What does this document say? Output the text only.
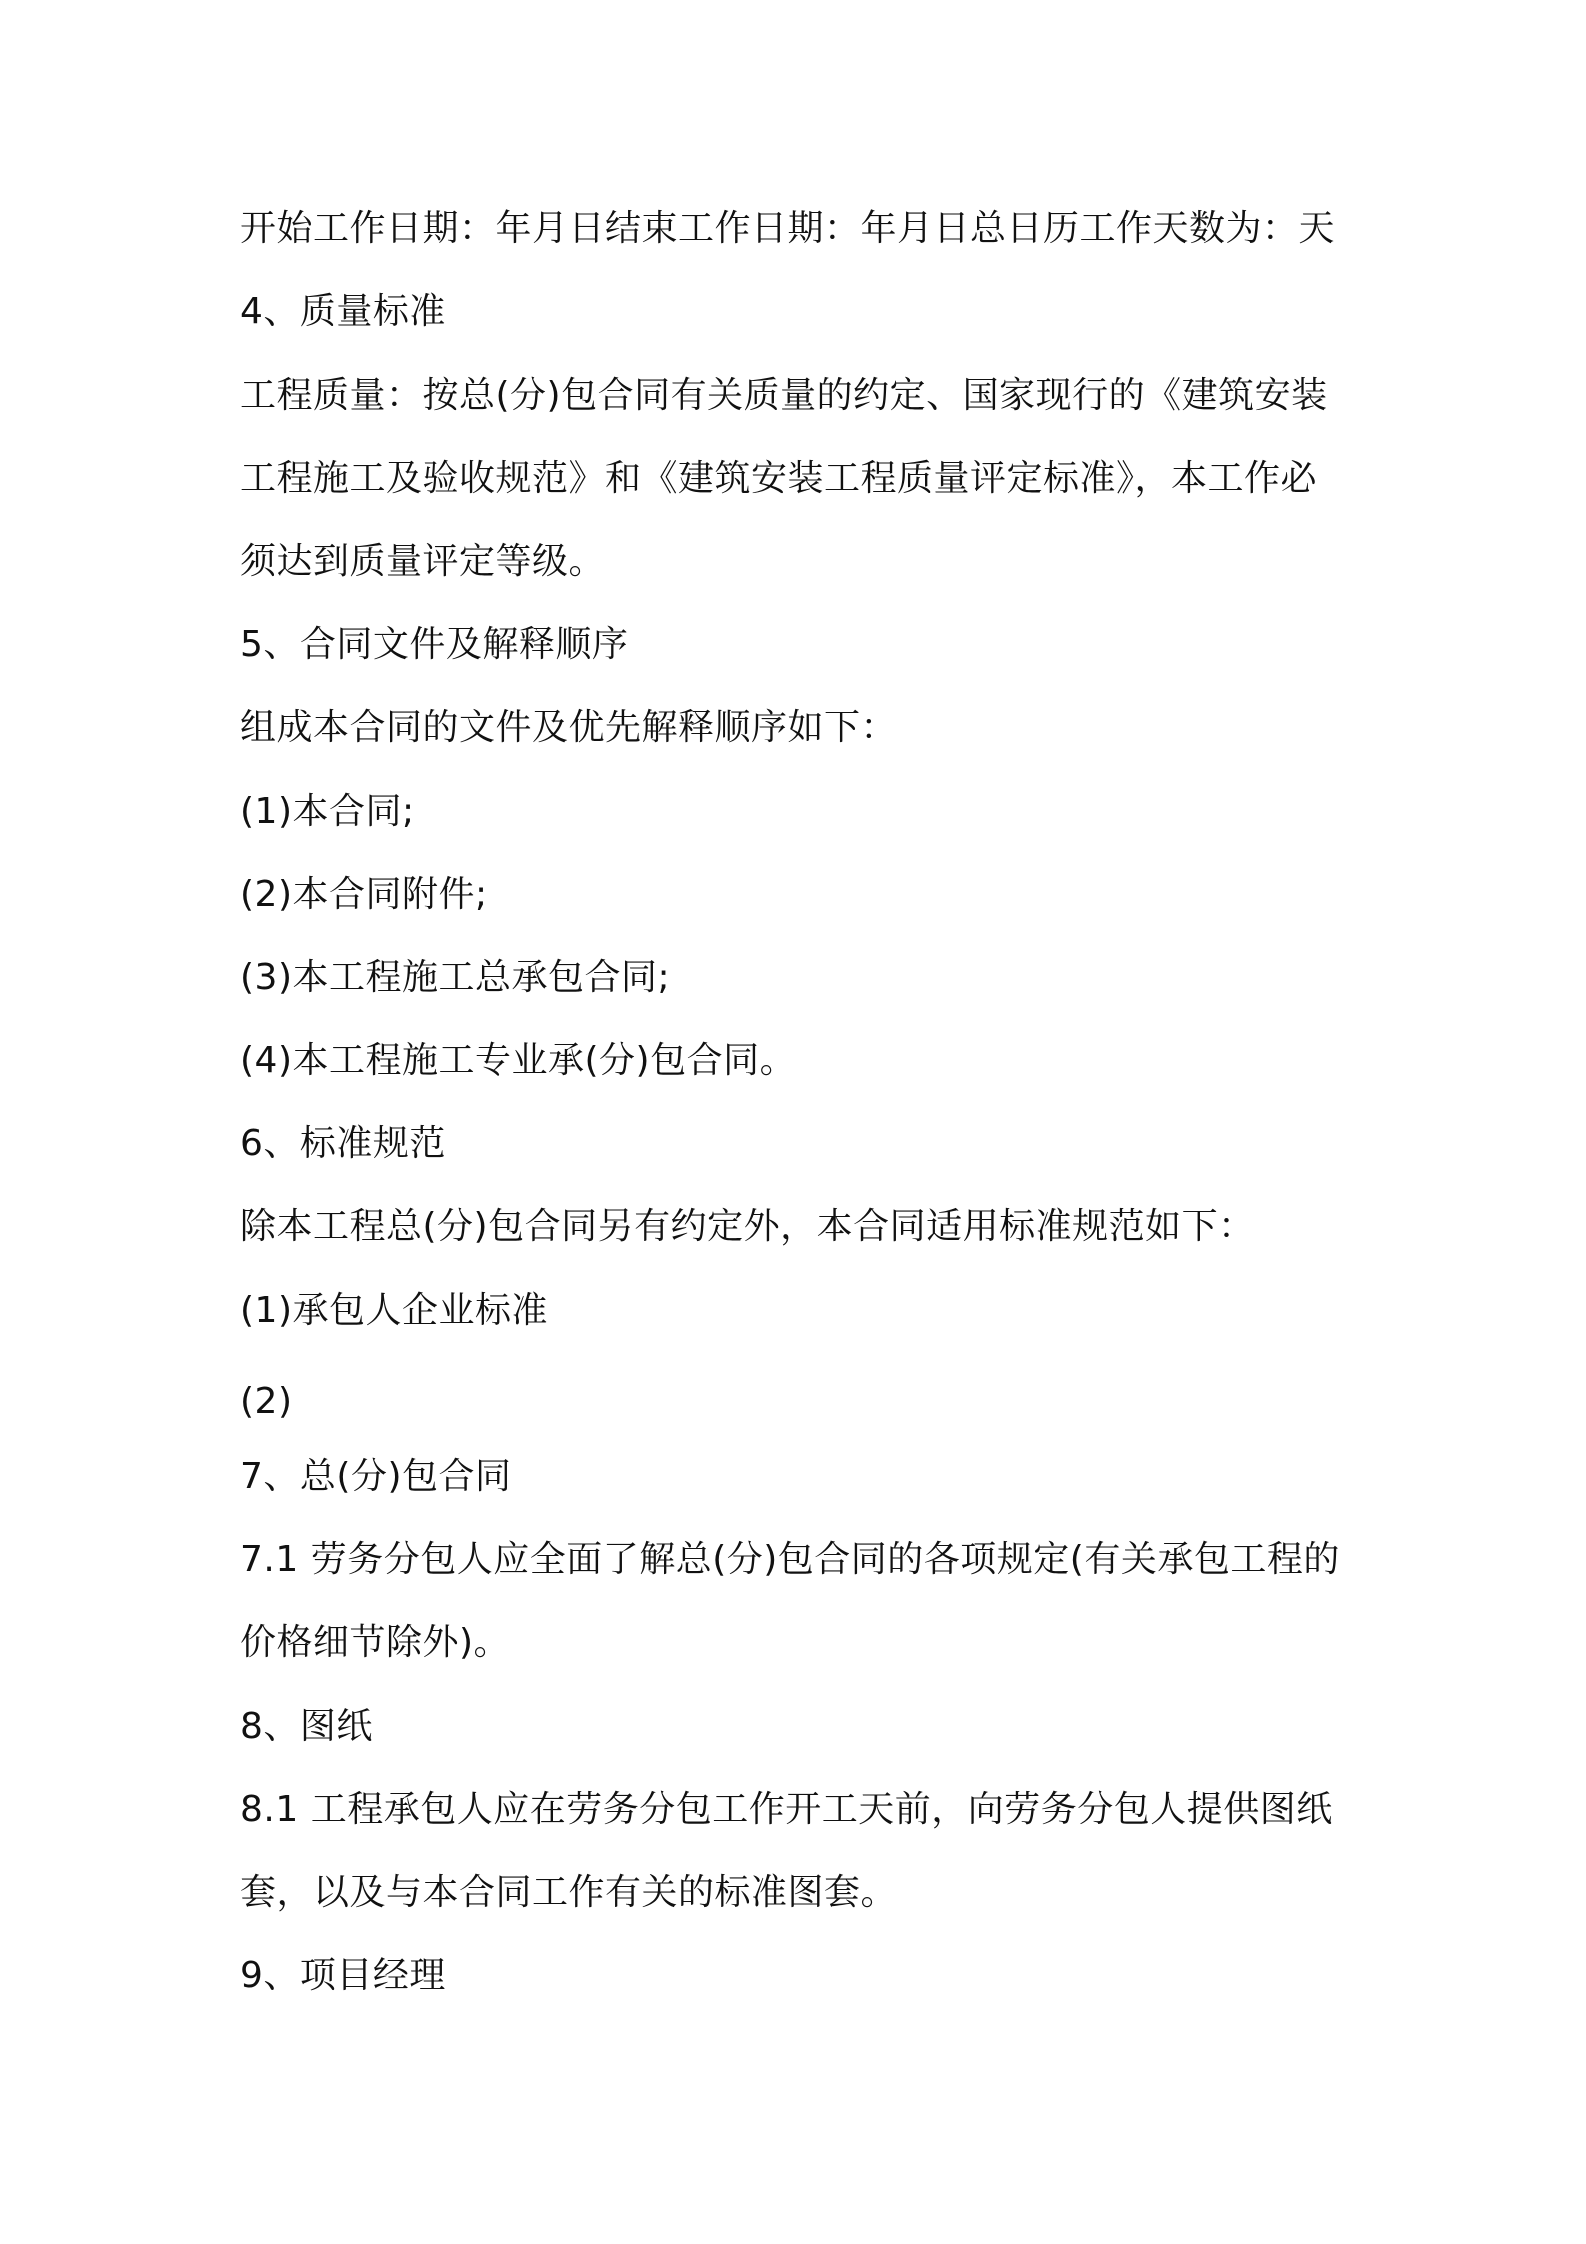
开始工作日期：年月日结束工作日期：年月日总日历工作天数为：天
4、质量标准
工程质量：按总(分)包合同有关质量的约定、国家现行的《建筑安装
工程施工及验收规范》和《建筑安装工程质量评定标准》，本工作必
须达到质量评定等级。
5、合同文件及解释顺序
组成本合同的文件及优先解释顺序如下：
(1)本合同;
(2)本合同附件;
(3)本工程施工总承包合同;
(4)本工程施工专业承(分)包合同。
6、标准规范
除本工程总(分)包合同另有约定外，本合同适用标准规范如下：
(1)承包人企业标准
(2)
7、总(分)包合同
7.1 劳务分包人应全面了解总(分)包合同的各项规定(有关承包工程的
价格细节除外)。
8、图纸
8.1 工程承包人应在劳务分包工作开工天前，向劳务分包人提供图纸
套，以及与本合同工作有关的标准图套。
9、项目经理
